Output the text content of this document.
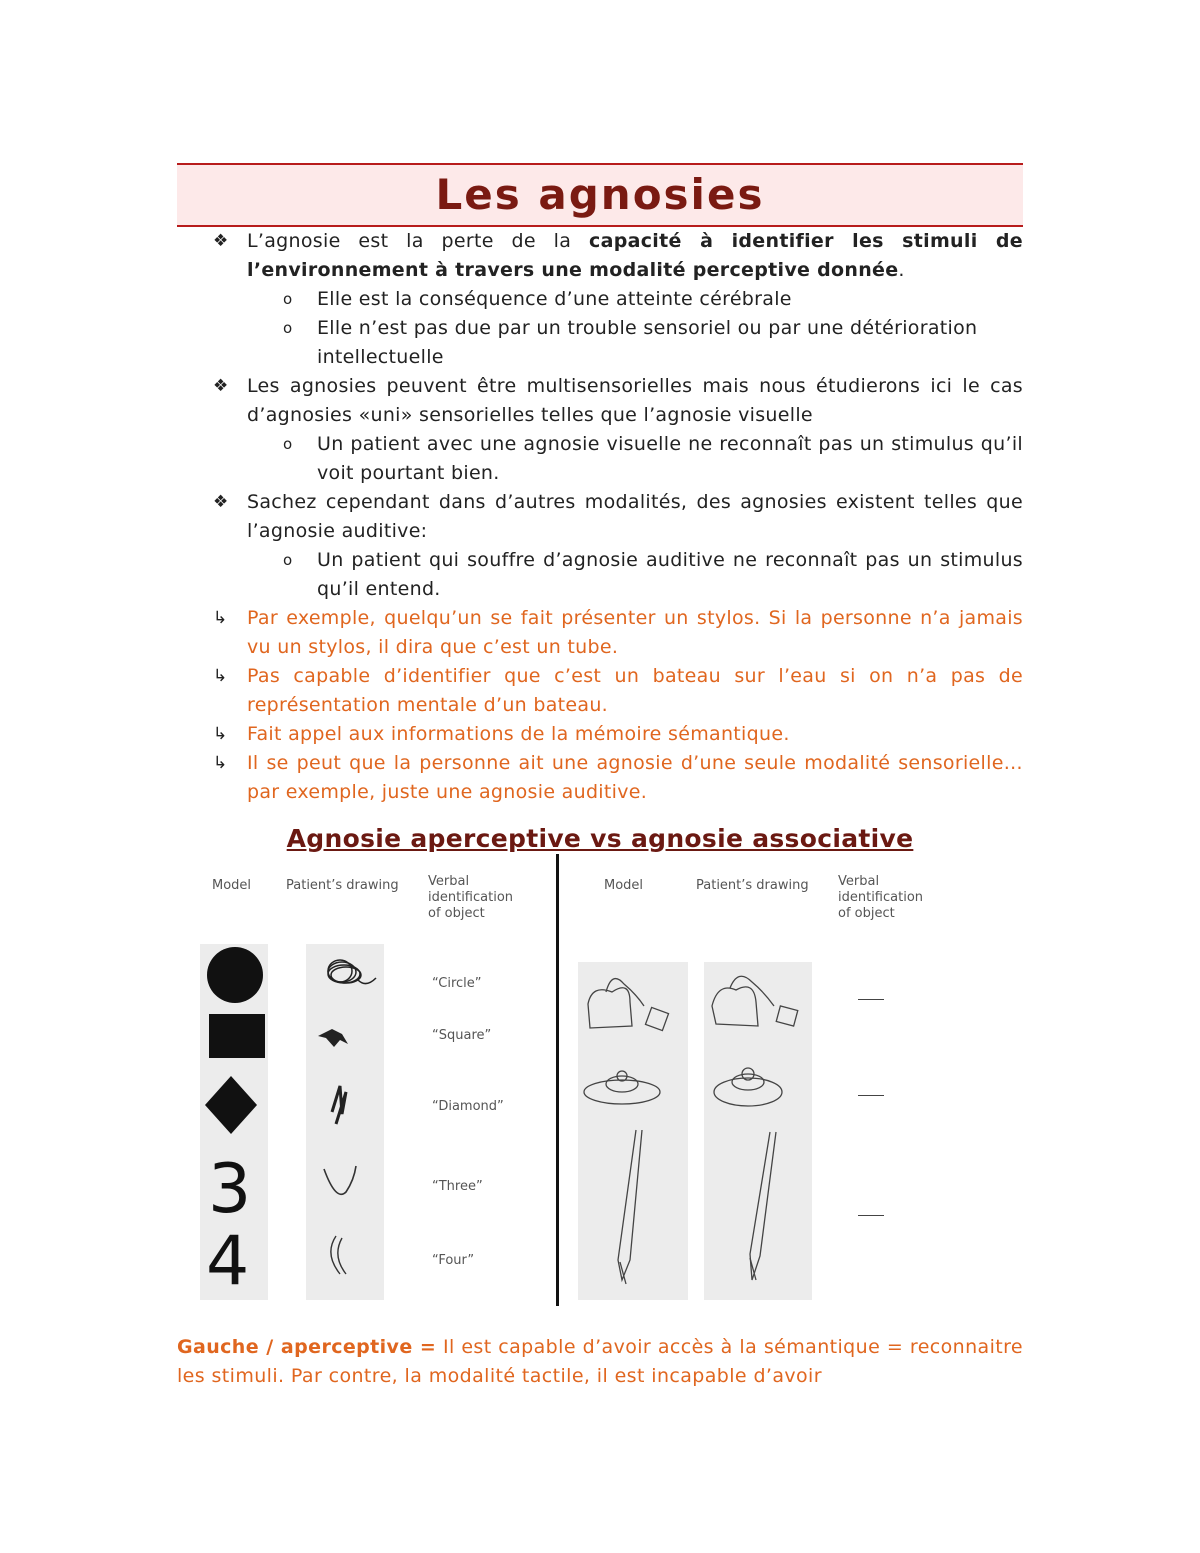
Les agnosies
❖ L’agnosie est la perte de la capacité à identifier les stimuli de l’environnement à travers une modalité perceptive donnée.
o Elle est la conséquence d’une atteinte cérébrale
o Elle n’est pas due par un trouble sensoriel ou par une détérioration intellectuelle
❖ Les agnosies peuvent être multisensorielles mais nous étudierons ici le cas d’agnosies «uni» sensorielles telles que l’agnosie visuelle
o Un patient avec une agnosie visuelle ne reconnaît pas un stimulus qu’il voit pourtant bien.
❖ Sachez cependant dans d’autres modalités, des agnosies existent telles que l’agnosie auditive:
o Un patient qui souffre d’agnosie auditive ne reconnaît pas un stimulus qu’il entend.
↳ Par exemple, quelqu’un se fait présenter un stylos. Si la personne n’a jamais vu un stylos, il dira que c’est un tube.
↳ Pas capable d’identifier que c’est un bateau sur l’eau si on n’a pas de représentation mentale d’un bateau.
↳ Fait appel aux informations de la mémoire sémantique.
↳ Il se peut que la personne ait une agnosie d’une seule modalité sensorielle… par exemple, juste une agnosie auditive.
Agnosie aperceptive vs agnosie associative
Model	Patient’s drawing Verbal identification of object
3
4
“Circle”
“Square”
“Diamond”
“Three”
“Four”
Model	Patient’s drawing Verbal identification of object
Gauche / aperceptive = Il est capable d’avoir accès à la sémantique = reconnaitre les stimuli. Par contre, la modalité tactile, il est incapable d’avoir
